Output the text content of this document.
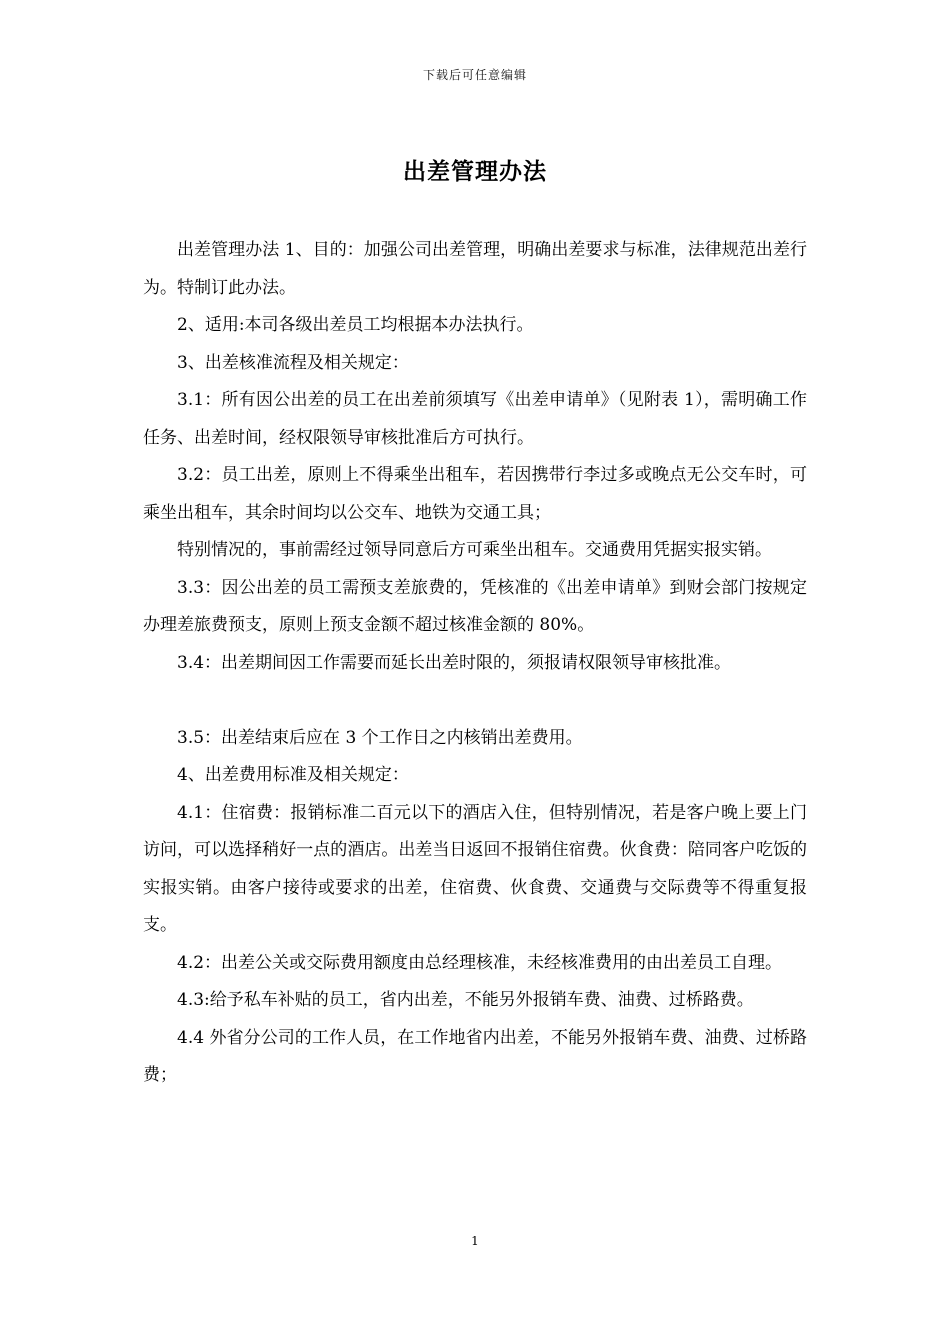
下载后可任意编辑
出差管理办法

出差管理办法 1、目的：加强公司出差管理，明确出差要求与标准，法律规范出差行为。特制订此办法。

2、适用:本司各级出差员工均根据本办法执行。

3、出差核准流程及相关规定：

3.1：所有因公出差的员工在出差前须填写《出差申请单》（见附表 1），需明确工作任务、出差时间，经权限领导审核批准后方可执行。

3.2：员工出差，原则上不得乘坐出租车，若因携带行李过多或晚点无公交车时，可乘坐出租车，其余时间均以公交车、地铁为交通工具；

特别情况的，事前需经过领导同意后方可乘坐出租车。交通费用凭据实报实销。

3.3：因公出差的员工需预支差旅费的，凭核准的《出差申请单》到财会部门按规定办理差旅费预支，原则上预支金额不超过核准金额的 80%。

3.4：出差期间因工作需要而延长出差时限的，须报请权限领导审核批准。

3.5：出差结束后应在 3 个工作日之内核销出差费用。

4、出差费用标准及相关规定：

4.1：住宿费：报销标准二百元以下的酒店入住，但特别情况，若是客户晚上要上门访问，可以选择稍好一点的酒店。出差当日返回不报销住宿费。伙食费：陪同客户吃饭的实报实销。由客户接待或要求的出差，住宿费、伙食费、交通费与交际费等不得重复报支。

4.2：出差公关或交际费用额度由总经理核准，未经核准费用的由出差员工自理。

4.3:给予私车补贴的员工，省内出差，不能另外报销车费、油费、过桥路费。

4.4 外省分公司的工作人员，在工作地省内出差，不能另外报销车费、油费、过桥路费；

1
